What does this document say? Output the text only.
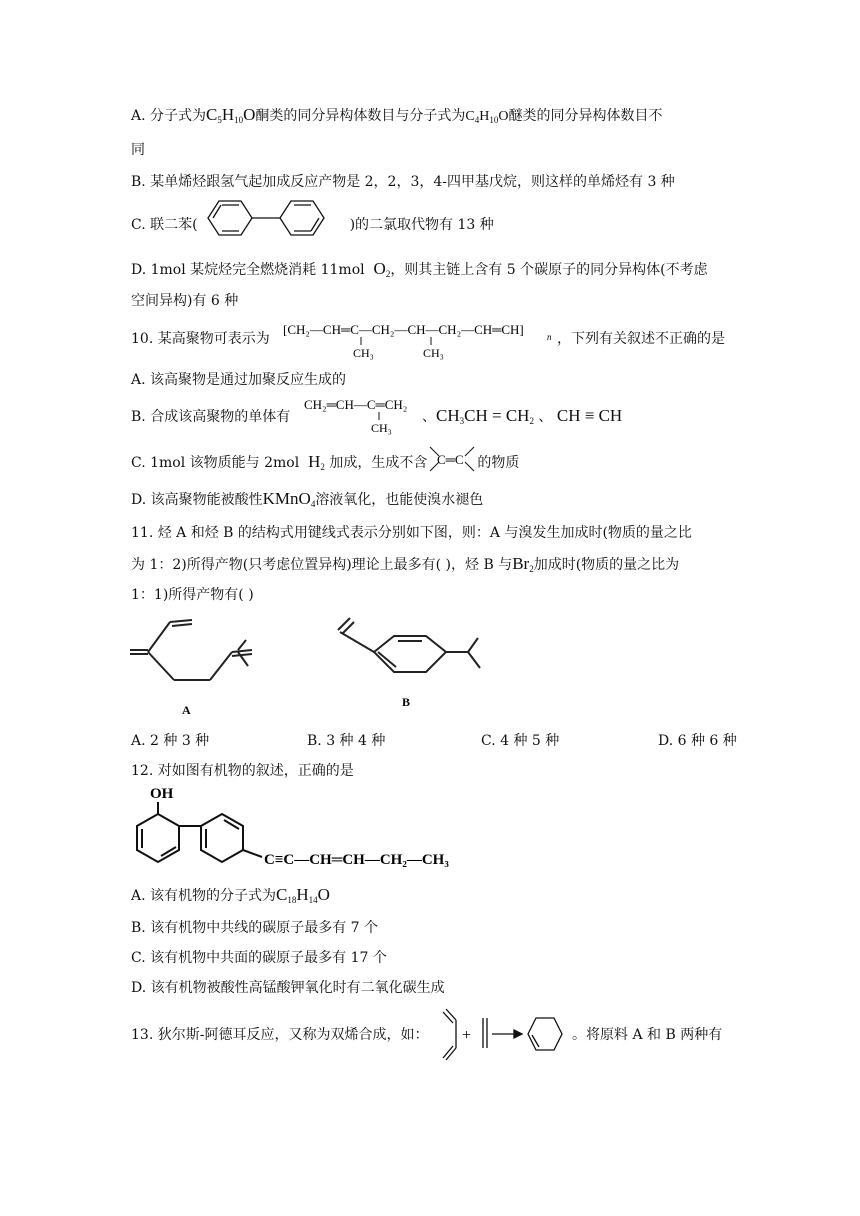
A. 分子式为$C_5H_{10}O$酮类的同分异构体数目与分子式为$C_4H_{10}O$醚类的同分异构体数目不
同
B. 某单烯烃跟氢气起加成反应产物是 2，2，3，4-四甲基戊烷，则这样的单烯烃有 3 种
C. 联二苯(	)的二氯取代物有 13 种
D. 1mol 某烷烃完全燃烧消耗 11mol $O_2$，则其主链上含有 5 个碳原子的同分异构体(不考虑
空间异构)有 6 种
10. 某高聚物可表示为
[CH₂—CH═C—CH₂—CH—CH₂—CH═CH]	n
CH₃	CH₃
，下列有关叙述不正确的是
A. 该高聚物是通过加聚反应生成的
B. 合成该高聚物的单体有
CH₂═CH—C═CH₂
CH₃
、$CH_3CH = CH_2$ 、 CH ≡ CH
C. 1mol 该物质能与 2mol $H_2$ 加成，生成不含 C═C 的物质
D. 该高聚物能被酸性KMnO$_4$溶液氧化，也能使溴水褪色
11. 烃 A 和烃 B 的结构式用键线式表示分别如下图，则：A 与溴发生加成时(物质的量之比
为 1：2)所得产物(只考虑位置异构)理论上最多有( )，烃 B 与$Br_2$加成时(物质的量之比为
1：1)所得产物有( )
A
B
A. 2 种 3 种	B. 3 种 4 种	C. 4 种 5 种	D. 6 种 6 种
12. 对如图有机物的叙述，正确的是
OH
C≡C—CH═CH—CH₂—CH₃
A. 该有机物的分子式为$C_{18}H_{14}O$
B. 该有机物中共线的碳原子最多有 7 个
C. 该有机物中共面的碳原子最多有 17 个
D. 该有机物被酸性高锰酸钾氧化时有二氧化碳生成
13. 狄尔斯-阿德耳反应，又称为双烯合成，如： +	。将原料 A 和 B 两种有
